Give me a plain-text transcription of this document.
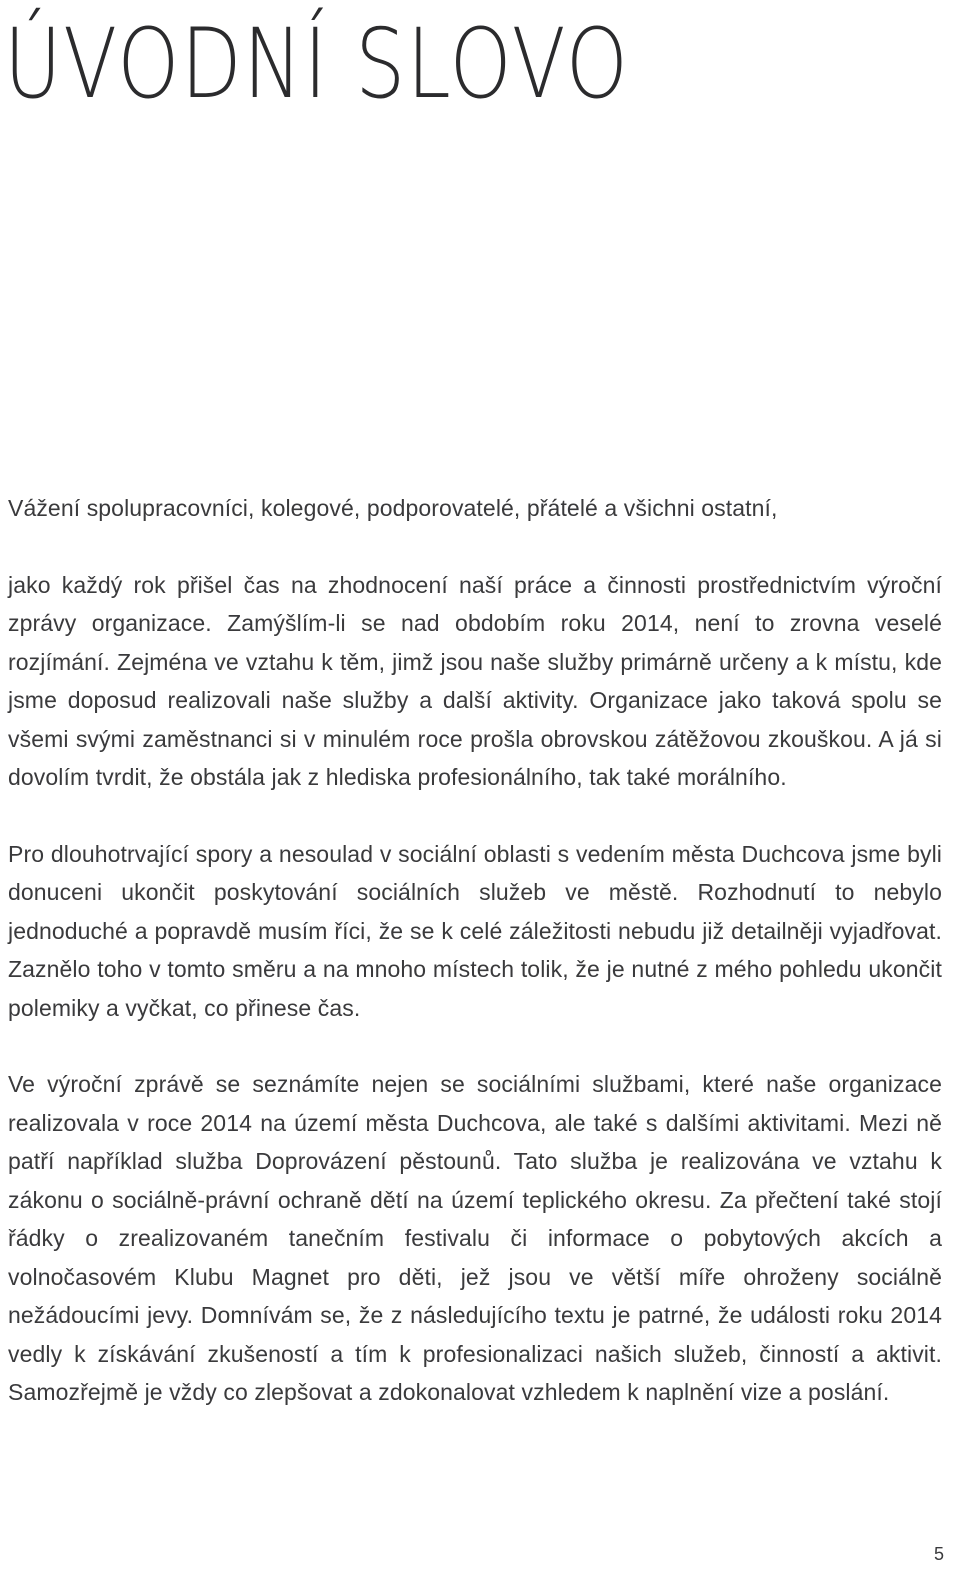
ÚVODNÍ SLOVO

Vážení spolupracovníci, kolegové, podporovatelé, přátelé a všichni ostatní,

jako každý rok přišel čas na zhodnocení naší práce a činnosti prostřednictvím výroční zprávy organizace. Zamýšlím-li se nad obdobím roku 2014, není to zrovna veselé rozjímání. Zejména ve vztahu k těm, jimž jsou naše služby primárně určeny a k místu, kde jsme doposud realizovali naše služby a další aktivity. Organizace jako taková spolu se všemi svými zaměstnanci si v minulém roce prošla obrovskou zátěžovou zkouškou. A já si dovolím tvrdit, že obstála jak z hlediska profesionálního, tak také morálního.

Pro dlouhotrvající spory a nesoulad v sociální oblasti s vedením města Duchcova jsme byli donuceni ukončit poskytování sociálních služeb ve městě. Rozhodnutí to nebylo jednoduché a popravdě musím říci, že se k celé záležitosti nebudu již detailněji vyjadřovat. Zaznělo toho v tomto směru a na mnoho místech tolik, že je nutné z mého pohledu ukončit polemiky a vyčkat, co přinese čas.

Ve výroční zprávě se seznámíte nejen se sociálními službami, které naše organizace realizovala v roce 2014 na území města Duchcova, ale také s dalšími aktivitami. Mezi ně patří například služba Doprovázení pěstounů. Tato služba je realizována ve vztahu k zákonu o sociálně-právní ochraně dětí na území teplického okresu. Za přečtení také stojí řádky o zrealizovaném tanečním festivalu či informace o pobytových akcích a volnočasovém Klubu Magnet pro děti, jež jsou ve větší míře ohroženy sociálně nežádoucími jevy. Domnívám se, že z následujícího textu je patrné, že události roku 2014 vedly k získávání zkušeností a tím k profesionalizaci našich služeb, činností a aktivit. Samozřejmě je vždy co zlepšovat a zdokonalovat vzhledem k naplnění vize a poslání.

5
